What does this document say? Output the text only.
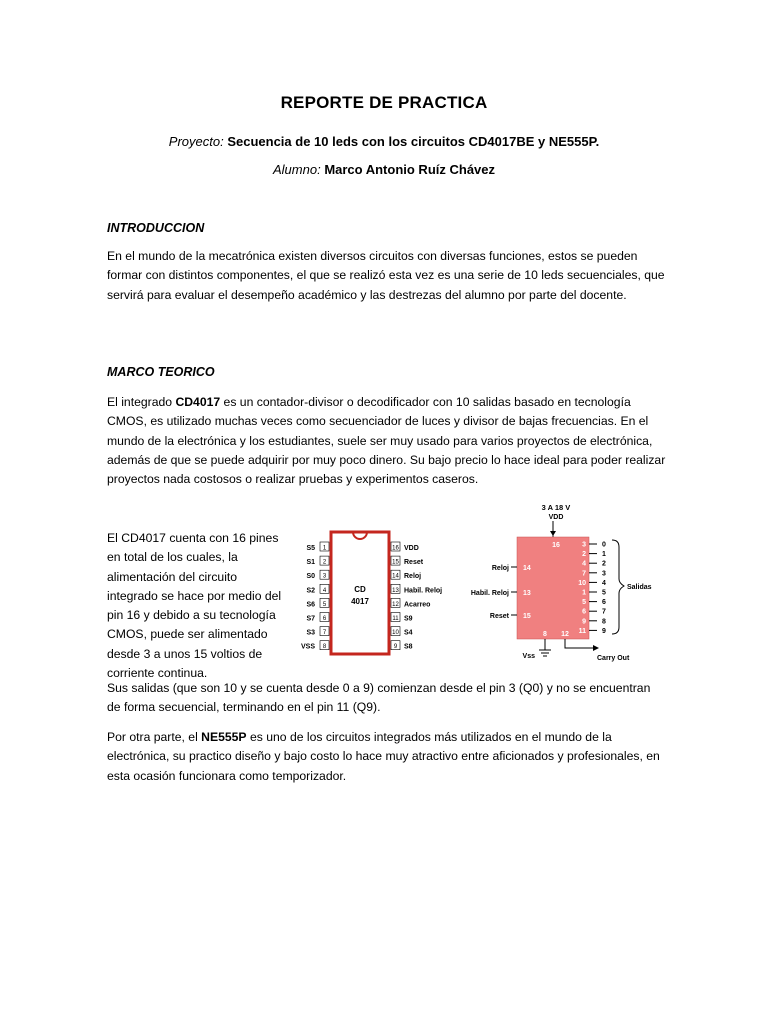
REPORTE DE PRACTICA
Proyecto: Secuencia de 10 leds con los circuitos CD4017BE y NE555P.
Alumno: Marco Antonio Ruíz Chávez
INTRODUCCION
En el mundo de la mecatrónica existen diversos circuitos con diversas funciones, estos se pueden formar con distintos componentes, el que se realizó esta vez es una serie de 10 leds secuenciales, que servirá para evaluar el desempeño académico y las destrezas del alumno por parte del docente.
MARCO TEORICO
El integrado CD4017 es un contador-divisor o decodificador con 10 salidas basado en tecnología CMOS, es utilizado muchas veces como secuenciador de luces y divisor de bajas frecuencias. En el mundo de la electrónica y los estudiantes, suele ser muy usado para varios proyectos de electrónica, además de que se puede adquirir por muy poco dinero. Su bajo precio lo hace ideal para poder realizar proyectos nada costosos o realizar pruebas y experimentos caseros.
El CD4017 cuenta con 16 pines en total de los cuales, la alimentación del circuito integrado se hace por medio del pin 16 y debido a su tecnología CMOS, puede ser alimentado desde 3 a unos 15 voltios de corriente continua.
CD
4017
1
S5
2
S1
3
S0
4
S2
5
S6
6
S7
7
S3
8
VSS
16 VDD
15 Reset
14 Reloj
13 Habil. Reloj
12 Acarreo
11 S9
10 S4
9 S8
3 A 18 V
VDD
16
Reloj 14
Habil. Reloj 13
Reset 15
3 0
2 1
4 2
7 3
10 4
1 5
5 6
6 7
9 8
11 9
Salidas
8 12
Vss	Carry Out
Sus salidas (que son 10 y se cuenta desde 0 a 9) comienzan desde el pin 3 (Q0) y no se encuentran de forma secuencial, terminando en el pin 11 (Q9).
Por otra parte, el NE555P es uno de los circuitos integrados más utilizados en el mundo de la electrónica, su practico diseño y bajo costo lo hace muy atractivo entre aficionados y profesionales, en esta ocasión funcionara como temporizador.
